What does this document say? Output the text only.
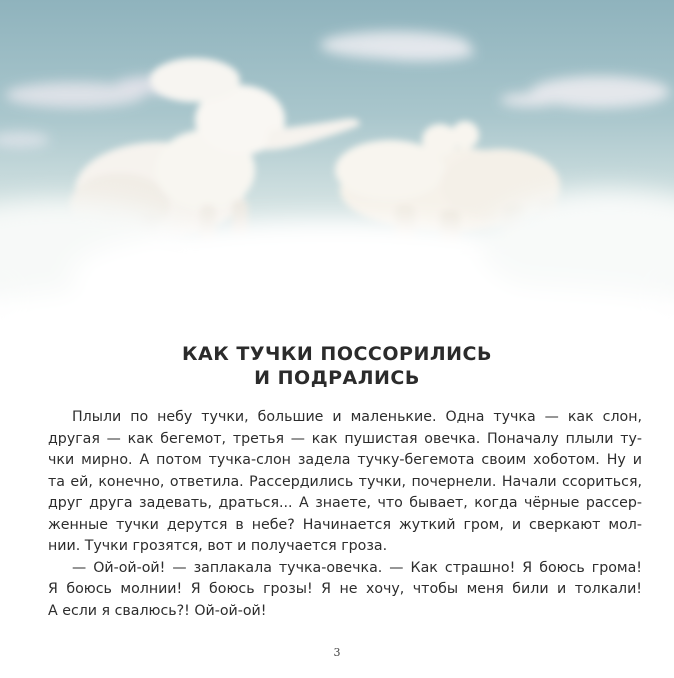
КАК ТУЧКИ ПОССОРИЛИСЬ
И ПОДРАЛИСЬ
Плыли по небу тучки, большие и маленькие. Одна тучка — как слон,
другая — как бегемот, третья — как пушистая овечка. Поначалу плыли ту-
чки мирно. А потом тучка-слон задела тучку-бегемота своим хоботом. Ну и
та ей, конечно, ответила. Рассердились тучки, почернели. Начали ссориться,
друг друга задевать, драться... А знаете, что бывает, когда чёрные рассер-
женные тучки дерутся в небе? Начинается жуткий гром, и сверкают мол-
нии. Тучки грозятся, вот и получается гроза.
— Ой-ой-ой! — заплакала тучка-овечка. — Как страшно! Я боюсь грома!
Я боюсь молнии! Я боюсь грозы! Я не хочу, чтобы меня били и толкали!
А если я свалюсь?! Ой-ой-ой!
3
